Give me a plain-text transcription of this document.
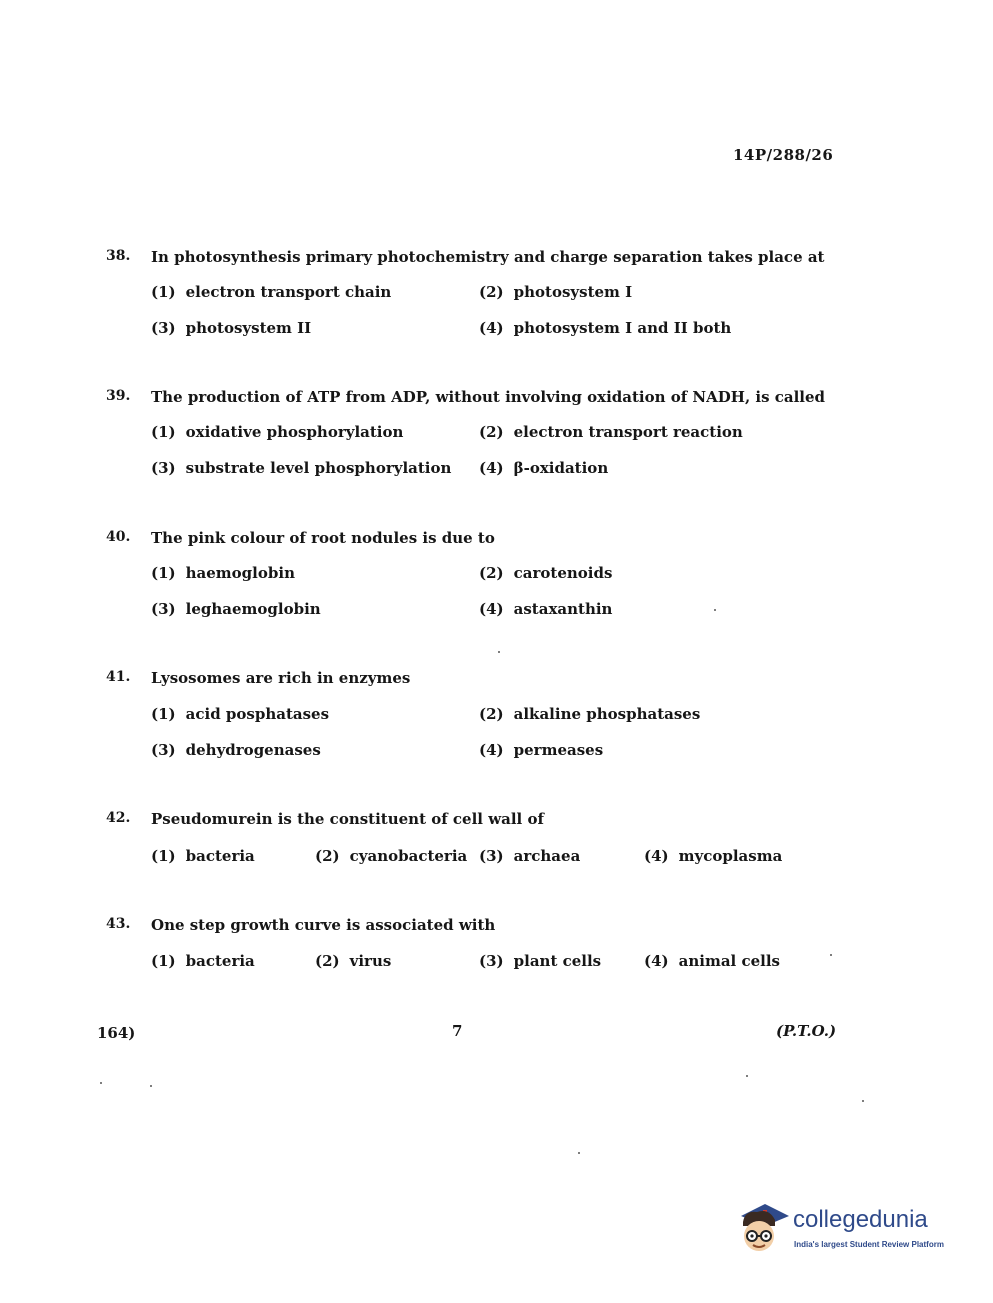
14P/288/26
38. In photosynthesis primary photochemistry and charge separation takes place at
(1) electron transport chain	(2) photosystem I
(3) photosystem II	(4) photosystem I and II both
39. The production of ATP from ADP, without involving oxidation of NADH, is called
(1) oxidative phosphorylation	(2) electron transport reaction
(3) substrate level phosphorylation (4) β-oxidation
40. The pink colour of root nodules is due to
(1) haemoglobin	(2) carotenoids
(3) leghaemoglobin	(4) astaxanthin
41. Lysosomes are rich in enzymes
(1) acid posphatases	(2) alkaline phosphatases
(3) dehydrogenases	(4) permeases
42. Pseudomurein is the constituent of cell wall of
(1) bacteria	(2) cyanobacteria (3) archaea	(4) mycoplasma
43. One step growth curve is associated with
(1) bacteria	(2) virus	(3) plant cells	(4) animal cells
164)	7	(P.T.O.)
collegedunia
India's largest Student Review Platform
